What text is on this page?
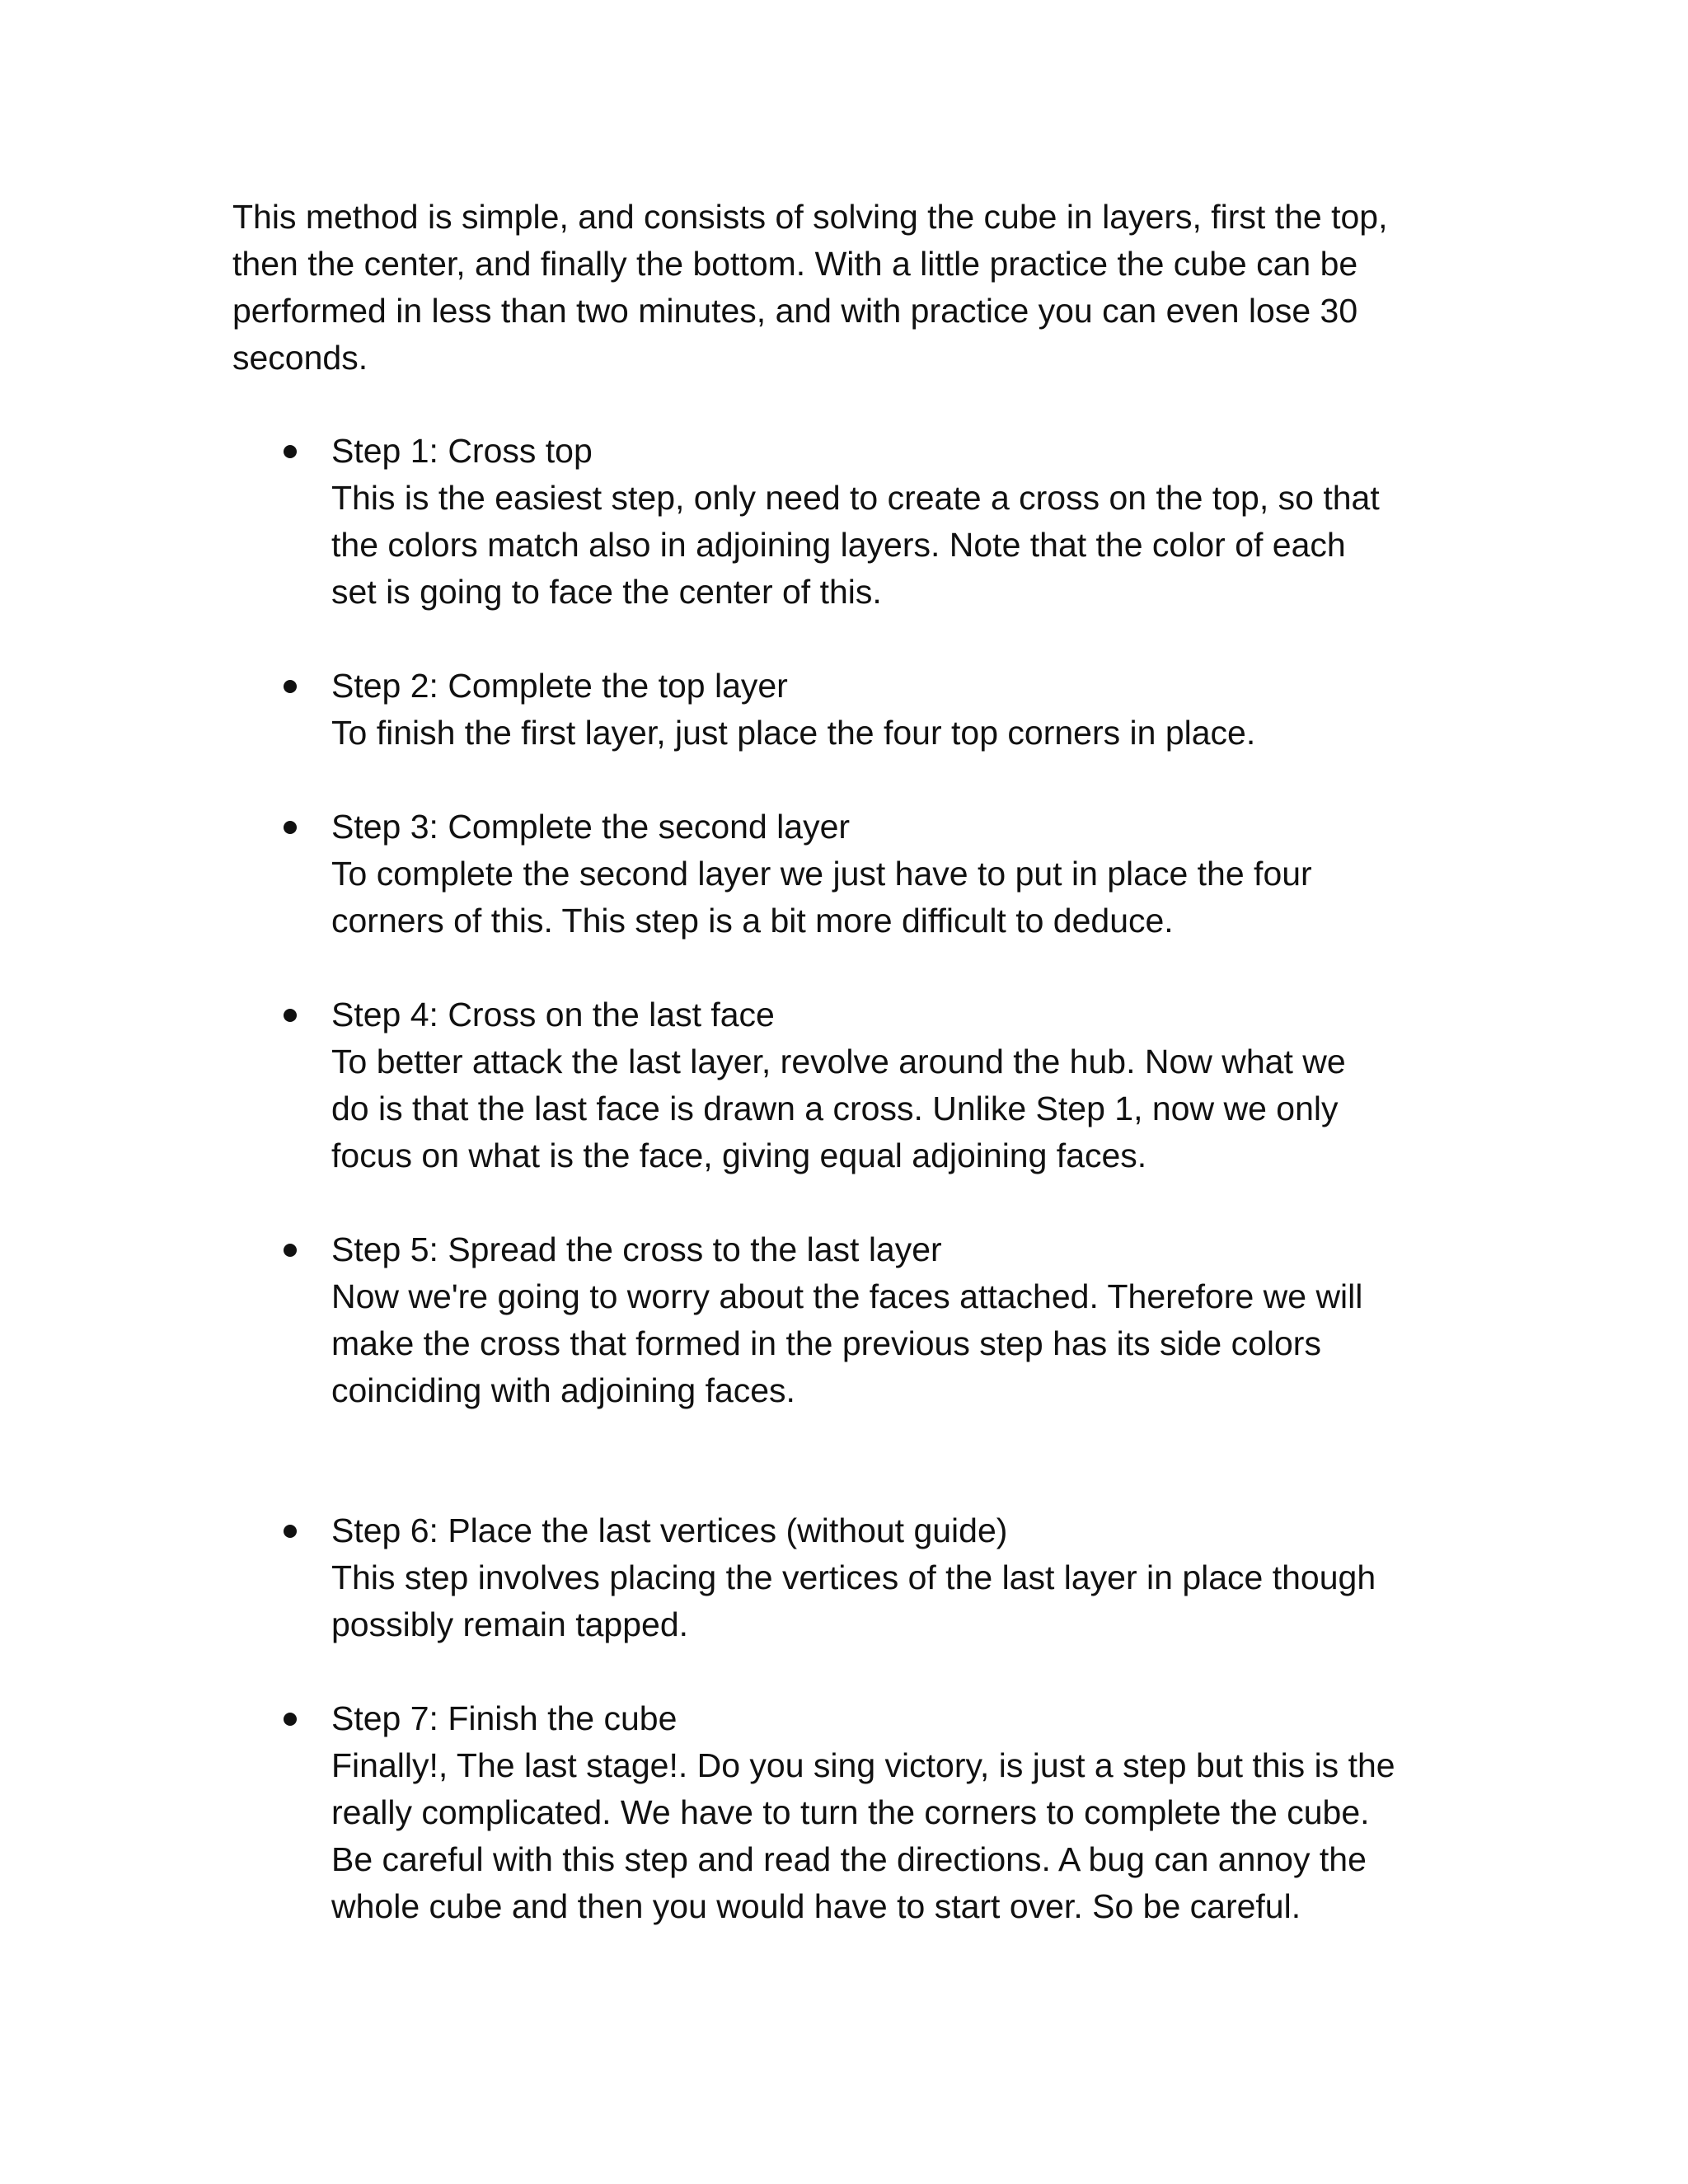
This method is simple, and consists of solving the cube in layers, first the top,
then the center, and finally the bottom. With a little practice the cube can be
performed in less than two minutes, and with practice you can even lose 30
seconds.

Step 1: Cross top
This is the easiest step, only need to create a cross on the top, so that
the colors match also in adjoining layers. Note that the color of each
set is going to face the center of this.
Step 2: Complete the top layer
To finish the first layer, just place the four top corners in place.
Step 3: Complete the second layer
To complete the second layer we just have to put in place the four
corners of this. This step is a bit more difficult to deduce.
Step 4: Cross on the last face
To better attack the last layer, revolve around the hub. Now what we
do is that the last face is drawn a cross. Unlike Step 1, now we only
focus on what is the face, giving equal adjoining faces.
Step 5: Spread the cross to the last layer
Now we're going to worry about the faces attached. Therefore we will
make the cross that formed in the previous step has its side colors
coinciding with adjoining faces.
Step 6: Place the last vertices (without guide)
This step involves placing the vertices of the last layer in place though
possibly remain tapped.
Step 7: Finish the cube
Finally!, The last stage!. Do you sing victory, is just a step but this is the
really complicated. We have to turn the corners to complete the cube.
Be careful with this step and read the directions. A bug can annoy the
whole cube and then you would have to start over. So be careful.
